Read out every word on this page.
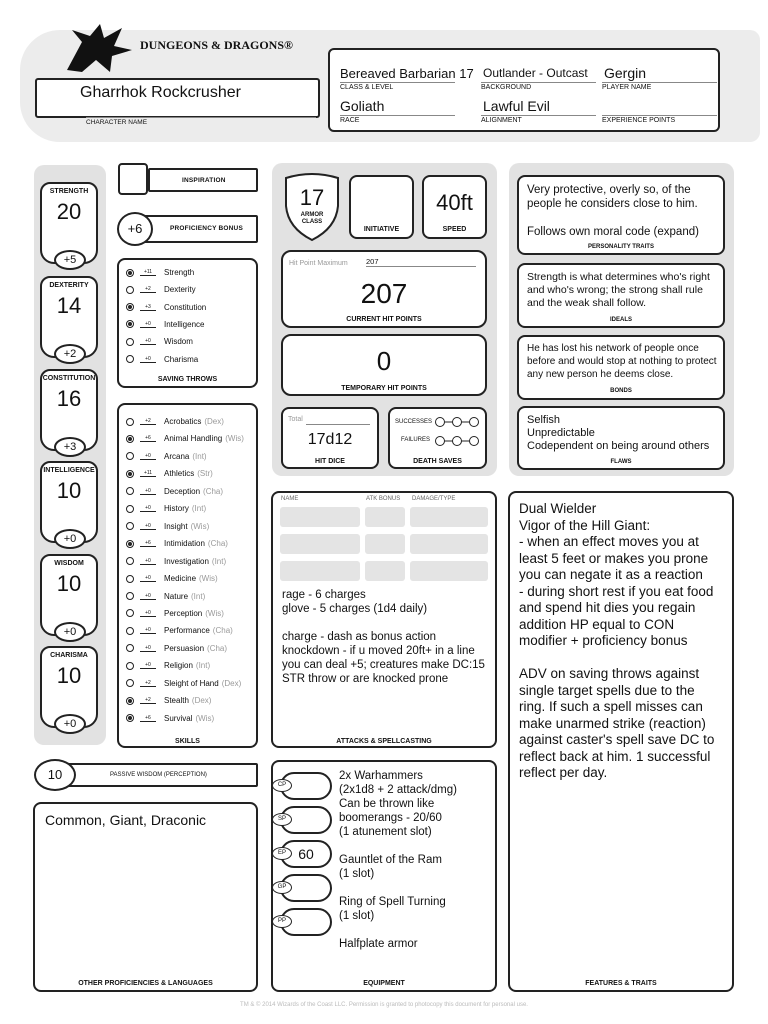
DUNGEONS & DRAGONS®
Gharrhok Rockcrusher
CHARACTER NAME
Bereaved Barbarian 17
CLASS & LEVEL
Outlander - Outcast
BACKGROUND
Gergin
PLAYER NAME
Goliath
RACE
Lawful Evil
ALIGNMENT	EXPERIENCE POINTS
STRENGTH
20
+5
DEXTERITY
14
+2
CONSTITUTION
16
+3
INTELLIGENCE
10
+0
WISDOM
10
+0
CHARISMA
10
+0
INSPIRATION
+6	PROFICIENCY BONUS
+11	Strength
+2	Dexterity
+3	Constitution
+0	Intelligence
+0	Wisdom
+0	Charisma
SAVING THROWS
+2	Acrobatics (Dex)
+6	Animal Handling (Wis)
+0	Arcana (Int)
+11	Athletics (Str)
+0	Deception (Cha)
+0	History (Int)
+0	Insight (Wis)
+6	Intimidation (Cha)
+0	Investigation (Int)
+0	Medicine (Wis)
+0	Nature (Int)
+0	Perception (Wis)
+0	Performance (Cha)
+0	Persuasion (Cha)
+0	Religion (Int)
+2	Sleight of Hand (Dex)
+2	Stealth (Dex)
+6	Survival (Wis)
SKILLS
10	PASSIVE WISDOM (PERCEPTION)
Common, Giant, Draconic
OTHER PROFICIENCIES & LANGUAGES
17
ARMOR CLASS
INITIATIVE
40ft
SPEED
Hit Point Maximum 207
207
CURRENT HIT POINTS
0
TEMPORARY HIT POINTS
Total
17d12
HIT DICE
SUCCESSES
FAILURES
DEATH SAVES
NAME	ATK BONUS DAMAGE/TYPE
rage - 6 charges
glove - 5 charges (1d4 daily)

charge - dash as bonus action knockdown - if u moved 20ft+ in a line you can deal +5; creatures make DC:15 STR throw or are knocked prone
ATTACKS & SPELLCASTING
CP
SP
60
EP
GP
PP
2x Warhammers
(2x1d8 + 2 attack/dmg)
Can be thrown like
boomerangs - 20/60
(1 atunement slot)

Gauntlet of the Ram
(1 slot)

Ring of Spell Turning
(1 slot)

Halfplate armor
EQUIPMENT
Very protective, overly so, of the people he considers close to him.

Follows own moral code (expand)
PERSONALITY TRAITS
Strength is what determines who's right and who's wrong; the strong shall rule and the weak shall follow.
IDEALS
He has lost his network of people once before and would stop at nothing to protect any new person he deems close.
BONDS
Selfish
Unpredictable
Codependent on being around others
FLAWS
Dual Wielder
Vigor of the Hill Giant:
- when an effect moves you at least 5 feet or makes you prone you can negate it as a reaction
- during short rest if you eat food and spend hit dies you regain addition HP equal to CON modifier + proficiency bonus

ADV on saving throws against single target spells due to the ring. If such a spell misses can make unarmed strike (reaction) against caster's spell save DC to reflect back at him. 1 successful reflect per day.
FEATURES & TRAITS
TM & © 2014 Wizards of the Coast LLC. Permission is granted to photocopy this document for personal use.
